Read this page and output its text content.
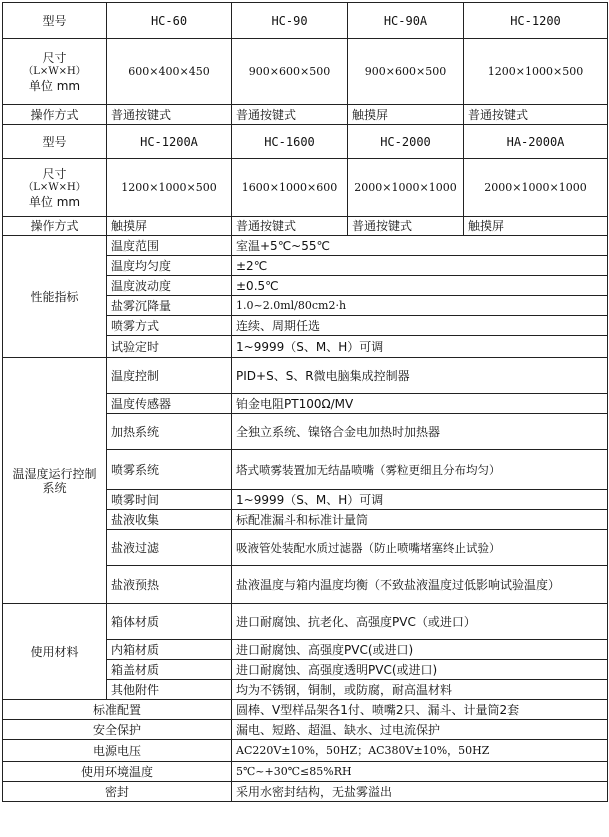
型号	HC-60	HC-90	HC-90A	HC-1200

尺寸
（L×W×H）
单位 mm	600×400×450	900×600×500	900×600×500	1200×1000×500
操作方式	普通按键式	普通按键式	触摸屏	普通按键式
型号	HC-1200A	HC-1600	HC-2000	HA-2000A

尺寸
（L×W×H）
单位 mm	1200×1000×500	1600×1000×600	2000×1000×1000	2000×1000×1000
操作方式	触摸屏	普通按键式	普通按键式	触摸屏
性能指标	温度范围	室温+5℃~55℃		
	温度均匀度	±2℃		
	温度波动度	±0.5℃		
	盐雾沉降量	1.0~2.0ml/80cm2·h		
	喷雾方式	连续、周期任选		
	试验定时	1~9999（S、M、H）可调		
温湿度运行控制系统	温度控制	PID+S、S、R微电脑集成控制器		
	温度传感器	铂金电阻PT100Ω/MV		
	加热系统	全独立系统、镍铬合金电加热时加热器		
	喷雾系统	塔式喷雾装置加无结晶喷嘴（雾粒更细且分布均匀）		
	喷雾时间	1~9999（S、M、H）可调		
	盐液收集	标配准漏斗和标准计量筒		
	盐液过滤	吸液管处装配水质过滤器（防止喷嘴堵塞终止试验）		
	盐液预热	盐液温度与箱内温度均衡（不致盐液温度过低影响试验温度）		
使用材料	箱体材质	进口耐腐蚀、抗老化、高强度PVC（或进口）		
	内箱材质	进口耐腐蚀、高强度PVC(或进口)		
	箱盖材质	进口耐腐蚀、高强度透明PVC(或进口)		
	其他附件	均为不锈钢，铜制，或防腐，耐高温材料		
标准配置		圆棒、V型样品架各1付、喷嘴2只、漏斗、计量筒2套		
安全保护		漏电、短路、超温、缺水、过电流保护		
电源电压		AC220V±10%，50HZ；AC380V±10%，50HZ		
使用环境温度		5℃~+30℃≤85%RH		
密封		采用水密封结构，无盐雾溢出		
